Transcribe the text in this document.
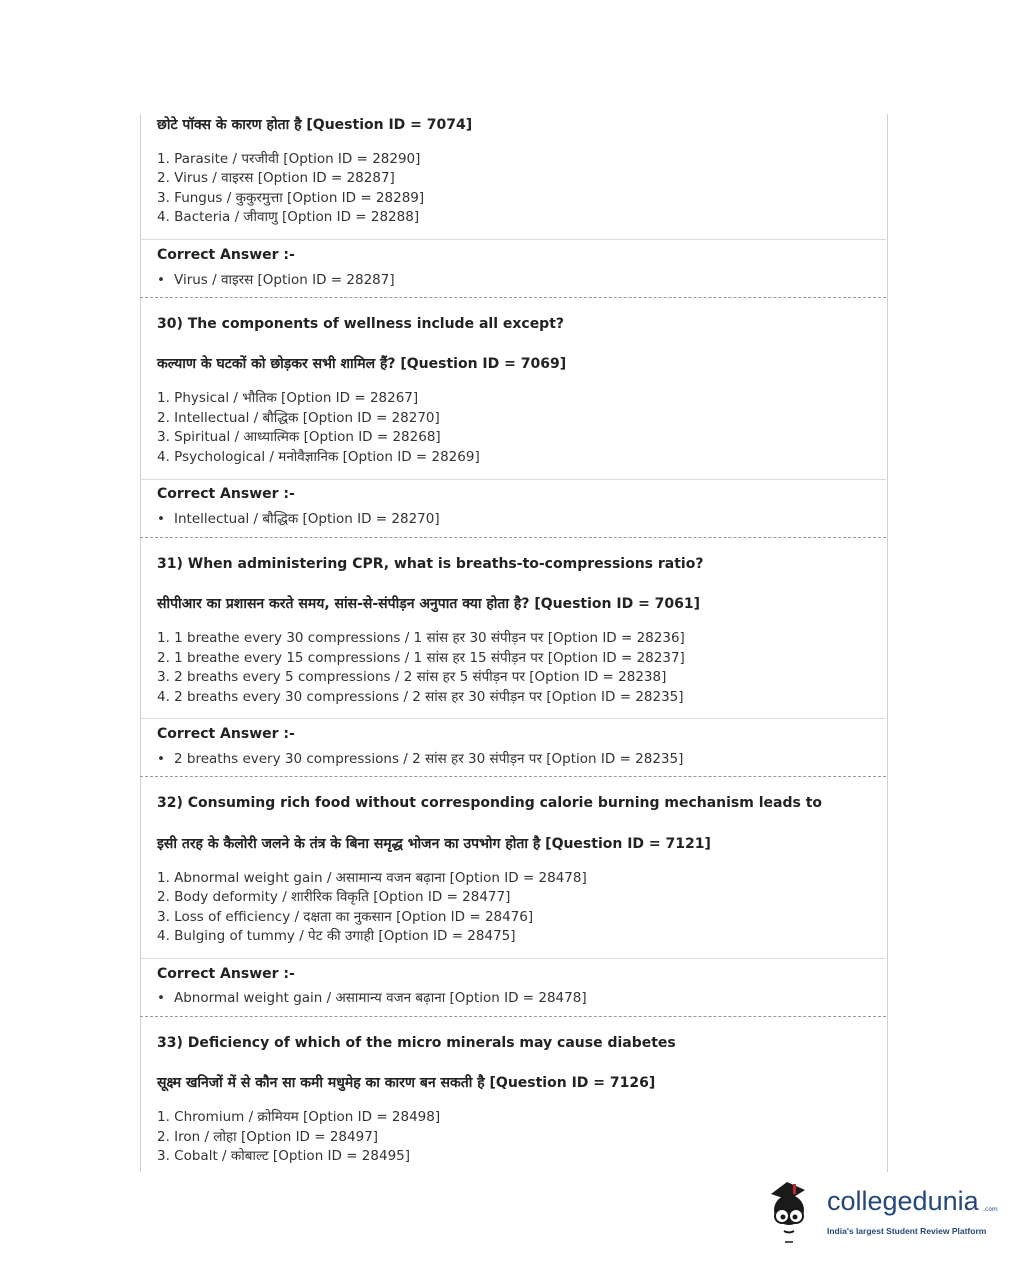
छोटे पॉक्स के कारण होता है [Question ID = 7074]
1. Parasite / परजीवी [Option ID = 28290]
2. Virus / वाइरस [Option ID = 28287]
3. Fungus / कुकुरमुत्ता [Option ID = 28289]
4. Bacteria / जीवाणु [Option ID = 28288]
Correct Answer :-
• Virus / वाइरस [Option ID = 28287]
30) The components of wellness include all except?
कल्याण के घटकों को छोड़कर सभी शामिल हैं? [Question ID = 7069]
1. Physical / भौतिक [Option ID = 28267]
2. Intellectual / बौद्धिक [Option ID = 28270]
3. Spiritual / आध्यात्मिक [Option ID = 28268]
4. Psychological / मनोवैज्ञानिक [Option ID = 28269]
Correct Answer :-
• Intellectual / बौद्धिक [Option ID = 28270]
31) When administering CPR, what is breaths-to-compressions ratio?
सीपीआर का प्रशासन करते समय, सांस-से-संपीड़न अनुपात क्या होता है? [Question ID = 7061]
1. 1 breathe every 30 compressions / 1 सांस हर 30 संपीड़न पर [Option ID = 28236]
2. 1 breathe every 15 compressions / 1 सांस हर 15 संपीड़न पर [Option ID = 28237]
3. 2 breaths every 5 compressions / 2 सांस हर 5 संपीड़न पर [Option ID = 28238]
4. 2 breaths every 30 compressions / 2 सांस हर 30 संपीड़न पर [Option ID = 28235]
Correct Answer :-
• 2 breaths every 30 compressions / 2 सांस हर 30 संपीड़न पर [Option ID = 28235]
32) Consuming rich food without corresponding calorie burning mechanism leads to
इसी तरह के कैलोरी जलने के तंत्र के बिना समृद्ध भोजन का उपभोग होता है [Question ID = 7121]
1. Abnormal weight gain / असामान्य वजन बढ़ाना [Option ID = 28478]
2. Body deformity / शारीरिक विकृति [Option ID = 28477]
3. Loss of efficiency / दक्षता का नुकसान [Option ID = 28476]
4. Bulging of tummy / पेट की उगाही [Option ID = 28475]
Correct Answer :-
• Abnormal weight gain / असामान्य वजन बढ़ाना [Option ID = 28478]
33) Deficiency of which of the micro minerals may cause diabetes
सूक्ष्म खनिजों में से कौन सा कमी मधुमेह का कारण बन सकती है [Question ID = 7126]
1. Chromium / क्रोमियम [Option ID = 28498]
2. Iron / लोहा [Option ID = 28497]
3. Cobalt / कोबाल्ट [Option ID = 28495]
collegedunia .com
India's largest Student Review Platform
